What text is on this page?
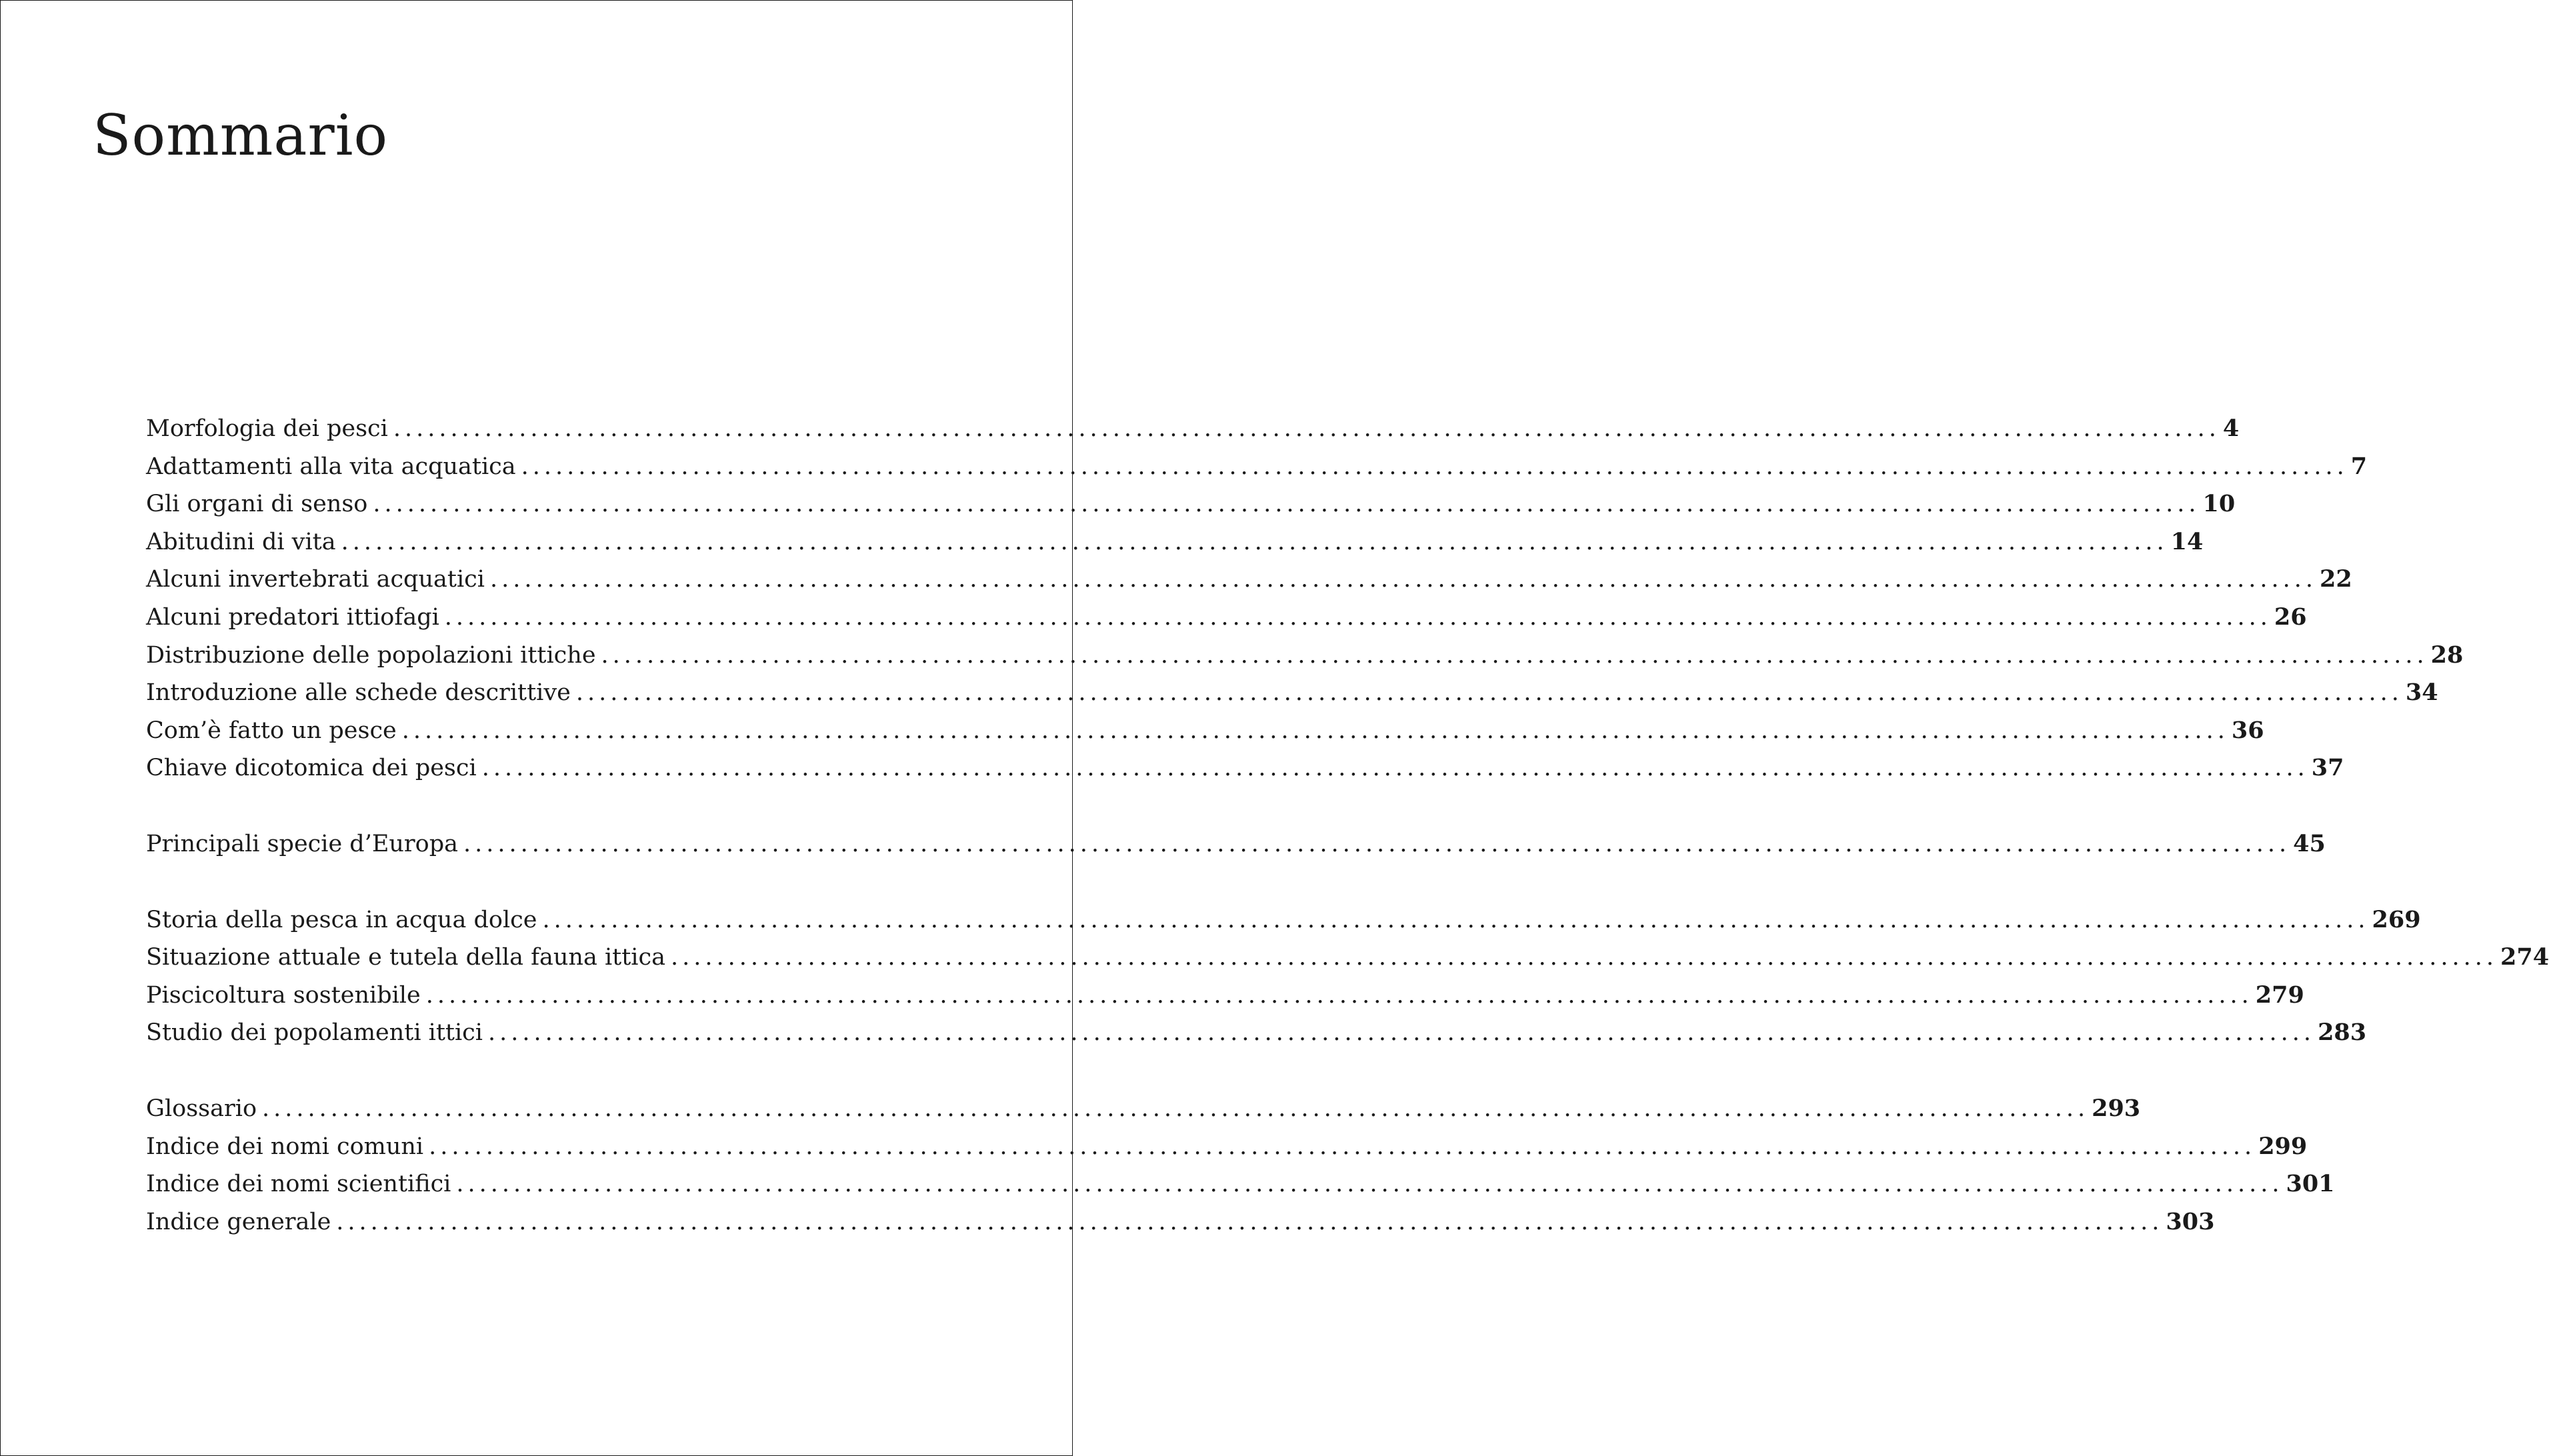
Sommario
Morfologia dei pesci ................................................................................................................................................................ 4
Adattamenti alla vita acquatica ................................................................................................................................................................ 7
Gli organi di senso ................................................................................................................................................................ 10
Abitudini di vita ................................................................................................................................................................ 14
Alcuni invertebrati acquatici ................................................................................................................................................................ 22
Alcuni predatori ittiofagi ................................................................................................................................................................ 26
Distribuzione delle popolazioni ittiche ................................................................................................................................................................ 28
Introduzione alle schede descrittive ................................................................................................................................................................ 34
Com’è fatto un pesce ................................................................................................................................................................ 36
Chiave dicotomica dei pesci ................................................................................................................................................................ 37
Principali specie d’Europa ................................................................................................................................................................ 45
Storia della pesca in acqua dolce ................................................................................................................................................................ 269
Situazione attuale e tutela della fauna ittica ................................................................................................................................................................ 274
Piscicoltura sostenibile ................................................................................................................................................................ 279
Studio dei popolamenti ittici ................................................................................................................................................................ 283
Glossario ................................................................................................................................................................ 293
Indice dei nomi comuni ................................................................................................................................................................ 299
Indice dei nomi scientifici ................................................................................................................................................................ 301
Indice generale ................................................................................................................................................................ 303
